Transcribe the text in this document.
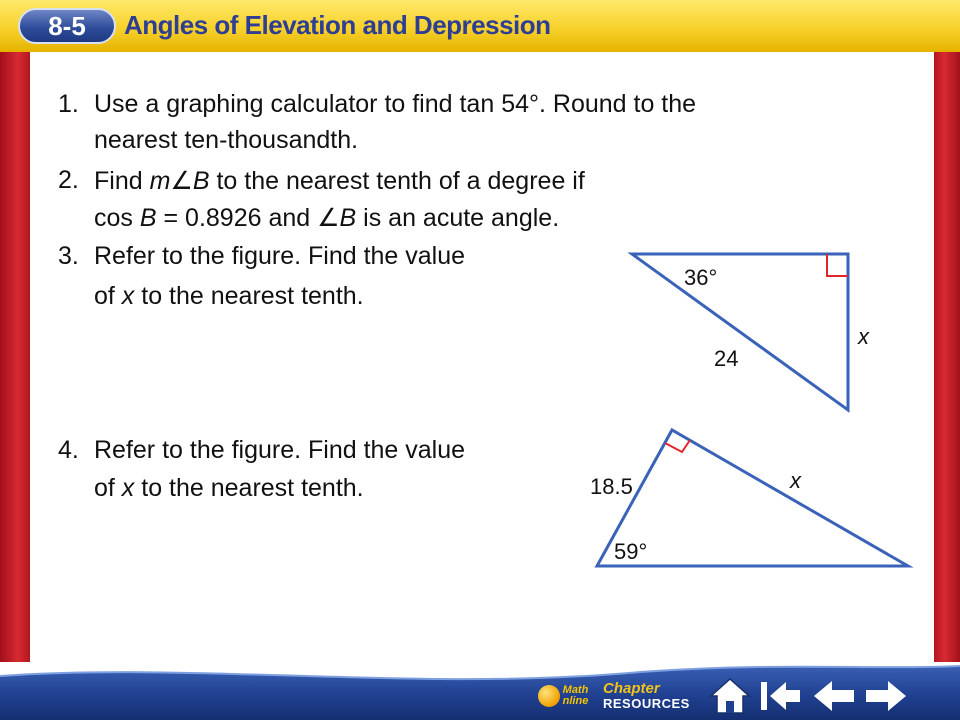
8-5	Angles of Elevation and Depression
1. Use a graphing calculator to find tan 54°. Round to the
nearest ten-thousandth.
2. Find m∠B to the nearest tenth of a degree if
cos B = 0.8926 and ∠B is an acute angle.
3. Refer to the figure. Find the value
of x to the nearest tenth.
4. Refer to the figure. Find the value
of x to the nearest tenth.
36°
24
x
18.5
59°
x
Math
nline
Chapter
RESOURCES
